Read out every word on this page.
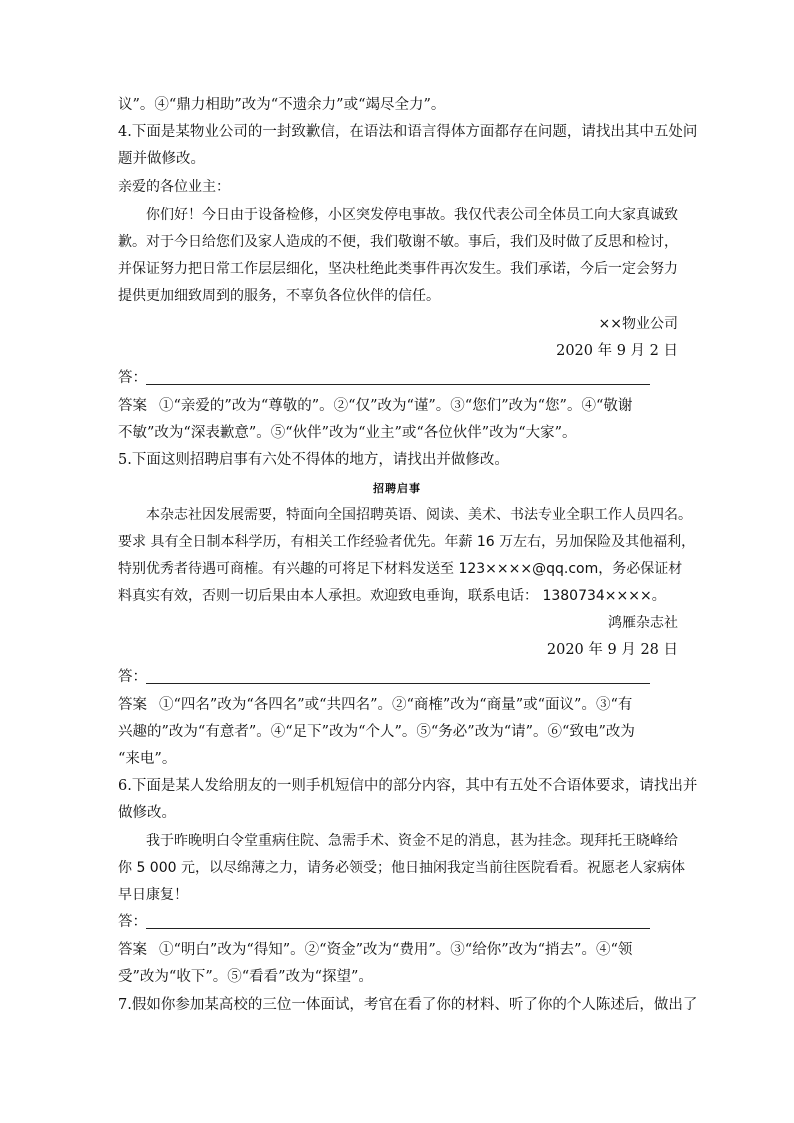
议”。④“鼎力相助”改为“不遗余力”或“竭尽全力”。
4.下面是某物业公司的一封致歉信，在语法和语言得体方面都存在问题，请找出其中五处问
题并做修改。
亲爱的各位业主：
你们好！今日由于设备检修，小区突发停电事故。我仅代表公司全体员工向大家真诚致
歉。对于今日给您们及家人造成的不便，我们敬谢不敏。事后，我们及时做了反思和检讨，
并保证努力把日常工作层层细化，坚决杜绝此类事件再次发生。我们承诺，今后一定会努力
提供更加细致周到的服务，不辜负各位伙伴的信任。
××物业公司
2020 年 9 月 2 日
答：
答案 ①“亲爱的”改为“尊敬的”。②“仅”改为“谨”。③“您们”改为“您”。④“敬谢
不敏”改为“深表歉意”。⑤“伙伴”改为“业主”或“各位伙伴”改为“大家”。
5.下面这则招聘启事有六处不得体的地方，请找出并做修改。
招聘启事
本杂志社因发展需要，特面向全国招聘英语、阅读、美术、书法专业全职工作人员四名。
要求 具有全日制本科学历，有相关工作经验者优先。年薪 16 万左右，另加保险及其他福利，
特别优秀者待遇可商榷。有兴趣的可将足下材料发送至 123××××@qq.com，务必保证材
料真实有效，否则一切后果由本人承担。欢迎致电垂询，联系电话： 1380734××××。
鸿雁杂志社
2020 年 9 月 28 日
答：
答案 ①“四名”改为“各四名”或“共四名”。②“商榷”改为“商量”或“面议”。③“有
兴趣的”改为“有意者”。④“足下”改为“个人”。⑤“务必”改为“请”。⑥“致电”改为
“来电”。
6.下面是某人发给朋友的一则手机短信中的部分内容，其中有五处不合语体要求，请找出并
做修改。
我于昨晚明白令堂重病住院、急需手术、资金不足的消息，甚为挂念。现拜托王晓峰给
你 5 000 元，以尽绵薄之力，请务必领受；他日抽闲我定当前往医院看看。祝愿老人家病体
早日康复！
答：
答案 ①“明白”改为“得知”。②“资金”改为“费用”。③“给你”改为“捎去”。④“领
受”改为“收下”。⑤“看看”改为“探望”。
7.假如你参加某高校的三位一体面试，考官在看了你的材料、听了你的个人陈述后，做出了
